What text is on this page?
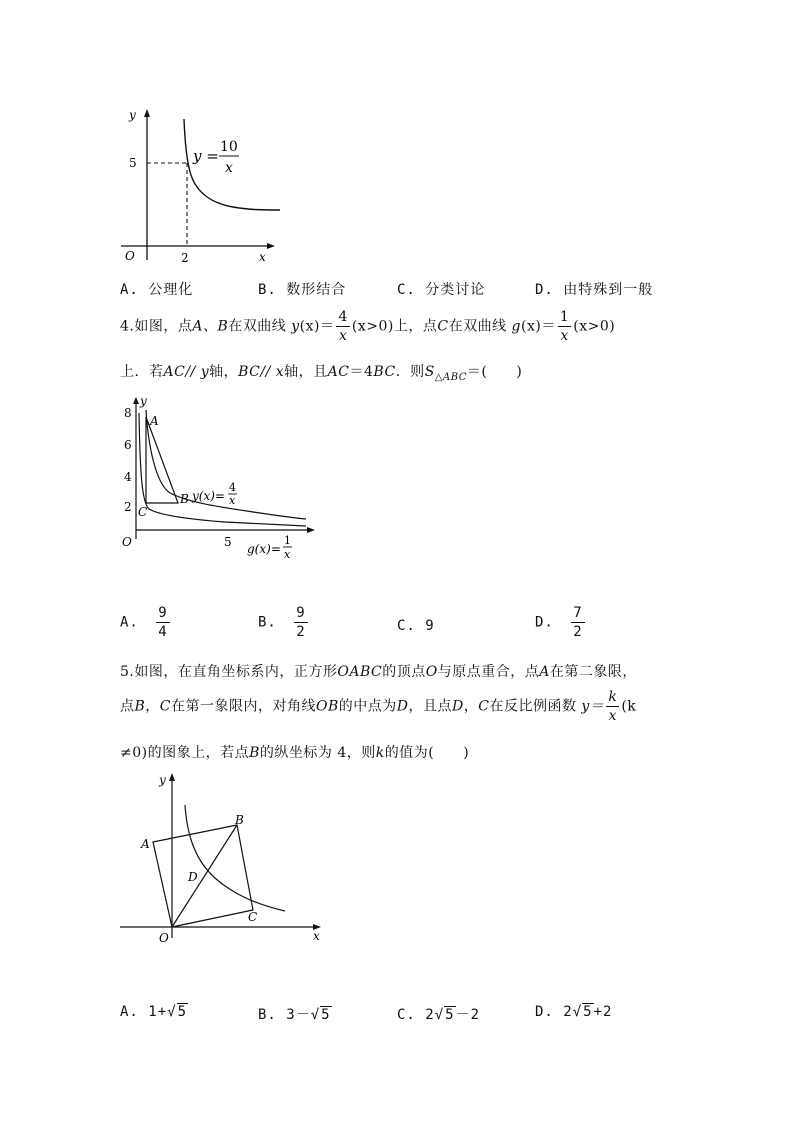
y
x
O
5
2
y = 10
x
A. 公理化	B. 数形结合	C. 分类讨论	D. 由特殊到一般
4.如图，点A、B在双曲线 $y(x)= \frac{4}{x} (x>0)$上，点C在双曲线 $g(x)= \frac{1}{x} (x>0)$
上．若AC// y轴，BC// x轴，且AC＝4BC．则$S_{\triangle ABC}=$(　　)
y
O
8
6
4
2
5
A
B
C
y(x)=
4
x
g(x)=
1
x
A. $\frac{9}{4}$	B. $\frac{9}{2}$	C. 9	D. $\frac{7}{2}$
5.如图，在直角坐标系内，正方形OABC的顶点O与原点重合，点A在第二象限，
点B，C在第一象限内，对角线OB的中点为D，且点D，C在反比例函数 $y= \frac{k}{x} (k$
≠0)的图象上，若点B的纵坐标为 4，则k的值为(　　)
y
x
O
A
B
C
D
A. 1+√5	B. 3－√5	C. 2√5－2	D. 2√5+2
